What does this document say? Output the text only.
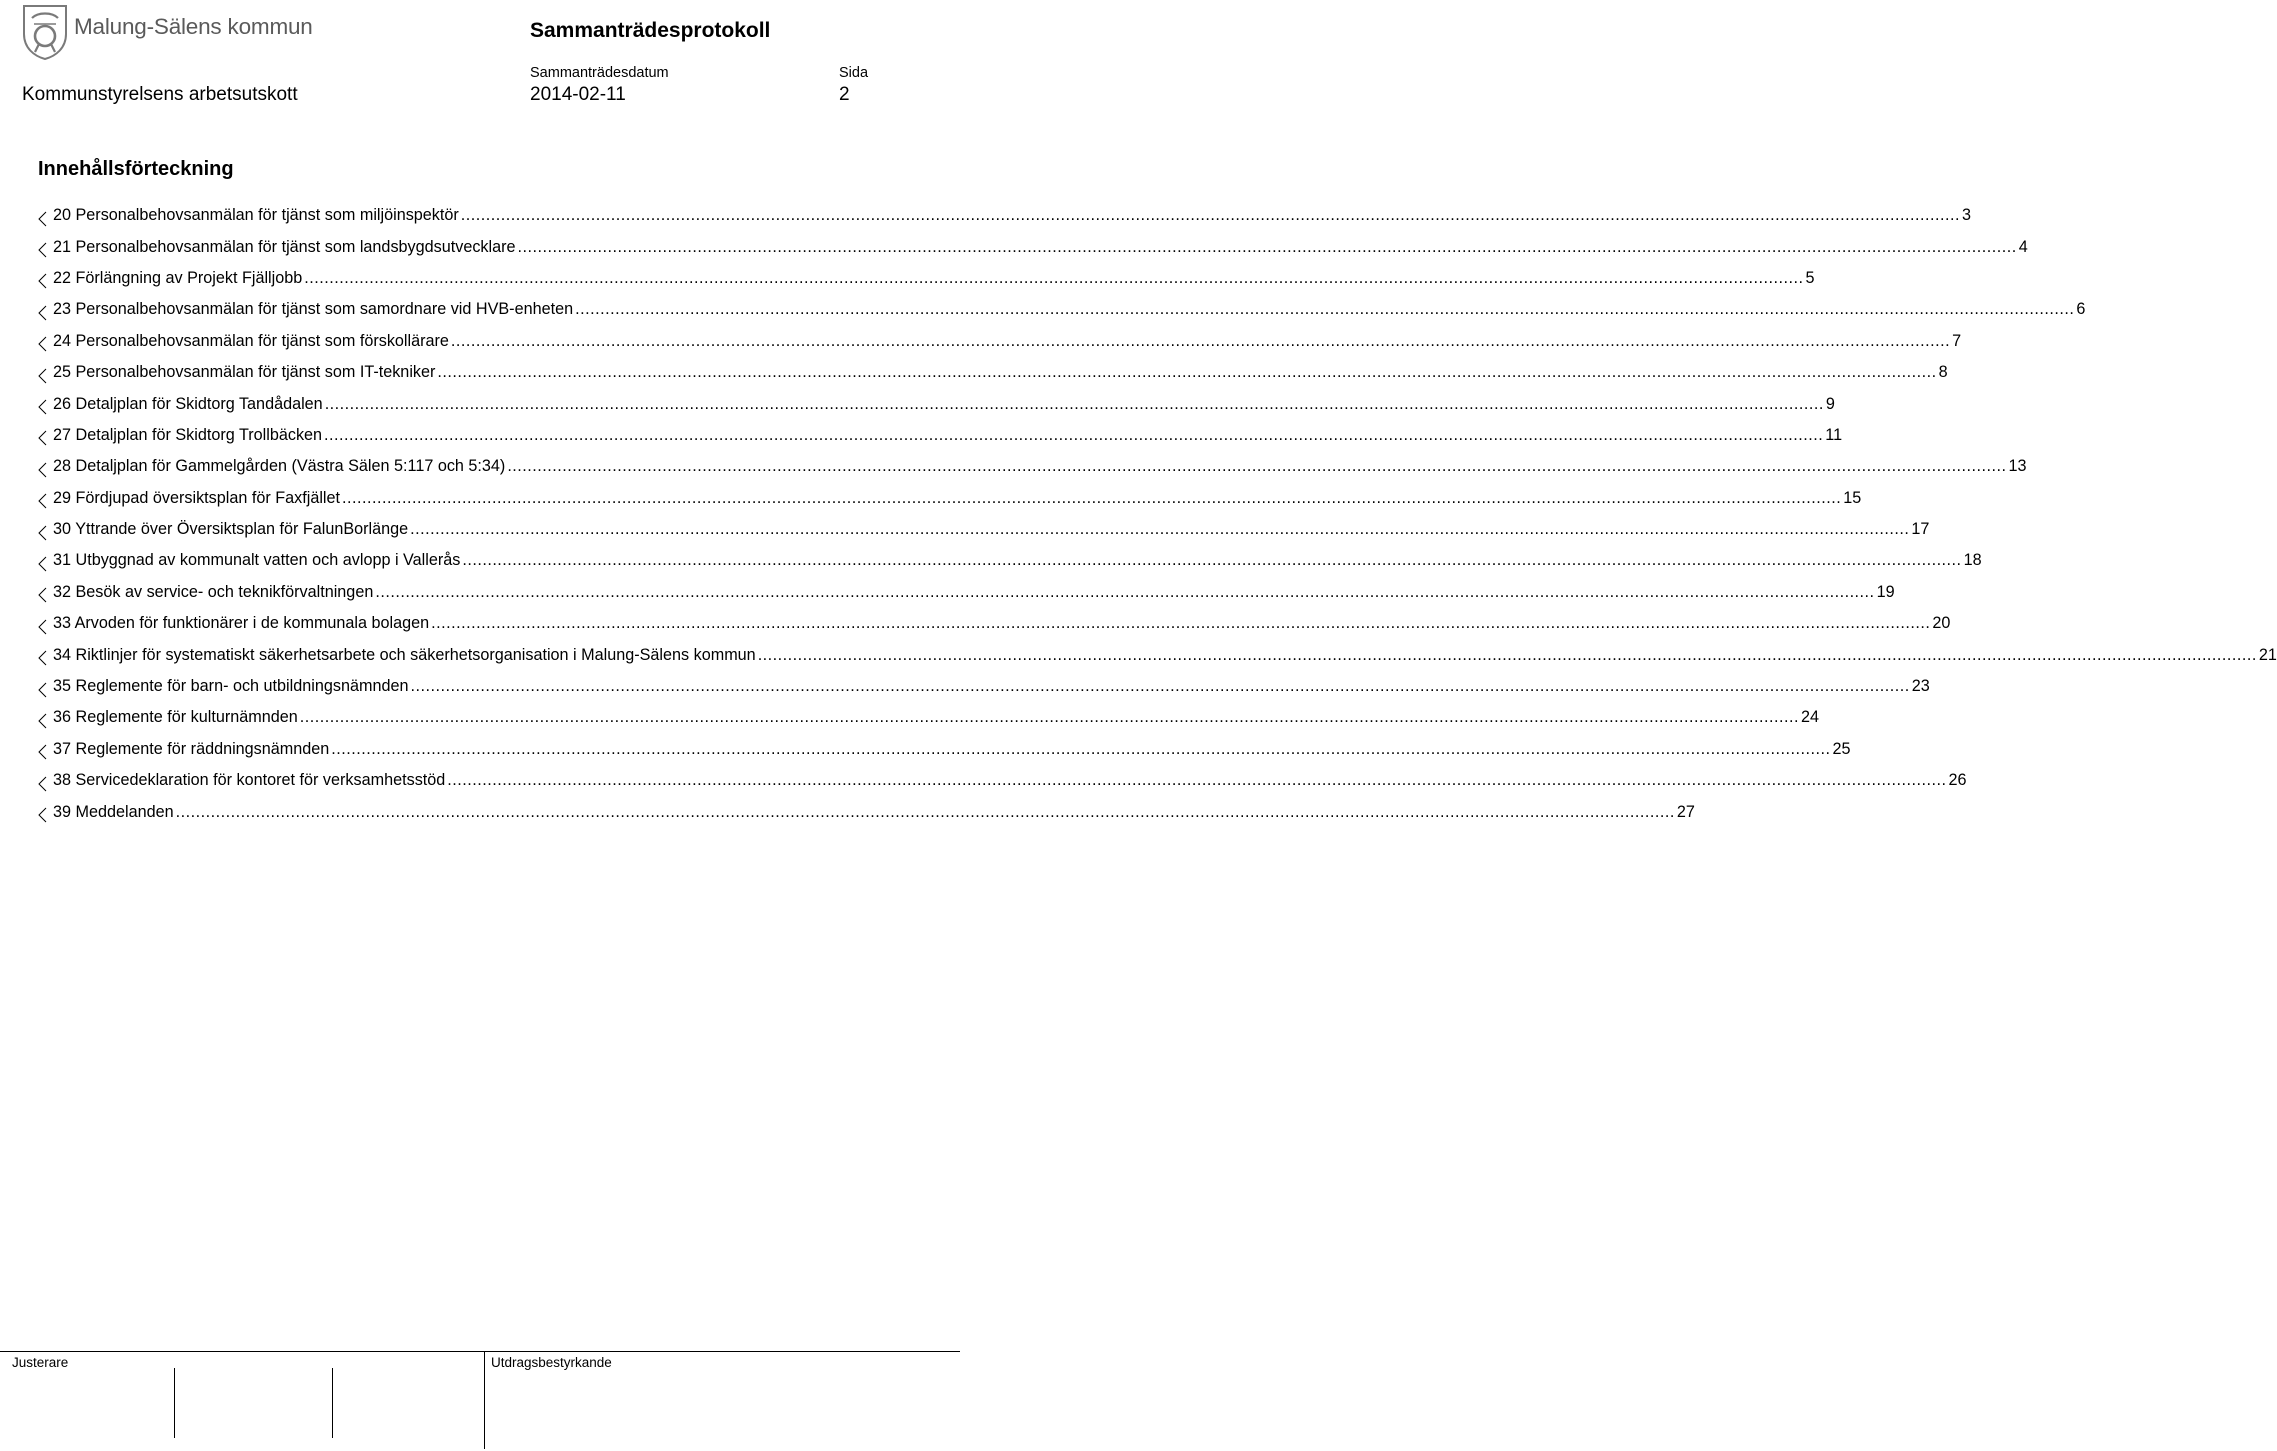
Malung-Sälens kommun	Sammanträdesprotokoll
Kommunstyrelsens arbetsutskott
Sammanträdesdatum
2014-02-11
Sida
2
Innehållsförteckning
20 Personalbehovsanmälan för tjänst som miljöinspektör ............................................................................................................................................................................................................................................................................................................ 3
21 Personalbehovsanmälan för tjänst som landsbygdsutvecklare ............................................................................................................................................................................................................................................................................................................ 4
22 Förlängning av Projekt Fjälljobb ............................................................................................................................................................................................................................................................................................................ 5
23 Personalbehovsanmälan för tjänst som samordnare vid HVB-enheten ............................................................................................................................................................................................................................................................................................................ 6
24 Personalbehovsanmälan för tjänst som förskollärare ............................................................................................................................................................................................................................................................................................................ 7
25 Personalbehovsanmälan för tjänst som IT-tekniker ............................................................................................................................................................................................................................................................................................................ 8
26 Detaljplan för Skidtorg Tandådalen ............................................................................................................................................................................................................................................................................................................ 9
27 Detaljplan för Skidtorg Trollbäcken ............................................................................................................................................................................................................................................................................................................ 11
28 Detaljplan för Gammelgården (Västra Sälen 5:117 och 5:34) ............................................................................................................................................................................................................................................................................................................ 13
29 Fördjupad översiktsplan för Faxfjället ............................................................................................................................................................................................................................................................................................................ 15
30 Yttrande över Översiktsplan för FalunBorlänge ............................................................................................................................................................................................................................................................................................................ 17
31 Utbyggnad av kommunalt vatten och avlopp i Vallerås ............................................................................................................................................................................................................................................................................................................ 18
32 Besök av service- och teknikförvaltningen ............................................................................................................................................................................................................................................................................................................ 19
33 Arvoden för funktionärer i de kommunala bolagen ............................................................................................................................................................................................................................................................................................................ 20
34 Riktlinjer för systematiskt säkerhetsarbete och säkerhetsorganisation i Malung-Sälens kommun ............................................................................................................................................................................................................................................................................................................ 21
35 Reglemente för barn- och utbildningsnämnden ............................................................................................................................................................................................................................................................................................................ 23
36 Reglemente för kulturnämnden ............................................................................................................................................................................................................................................................................................................ 24
37 Reglemente för räddningsnämnden ............................................................................................................................................................................................................................................................................................................ 25
38 Servicedeklaration för kontoret för verksamhetsstöd ............................................................................................................................................................................................................................................................................................................ 26
39 Meddelanden ............................................................................................................................................................................................................................................................................................................ 27
Justerare	Utdragsbestyrkande
